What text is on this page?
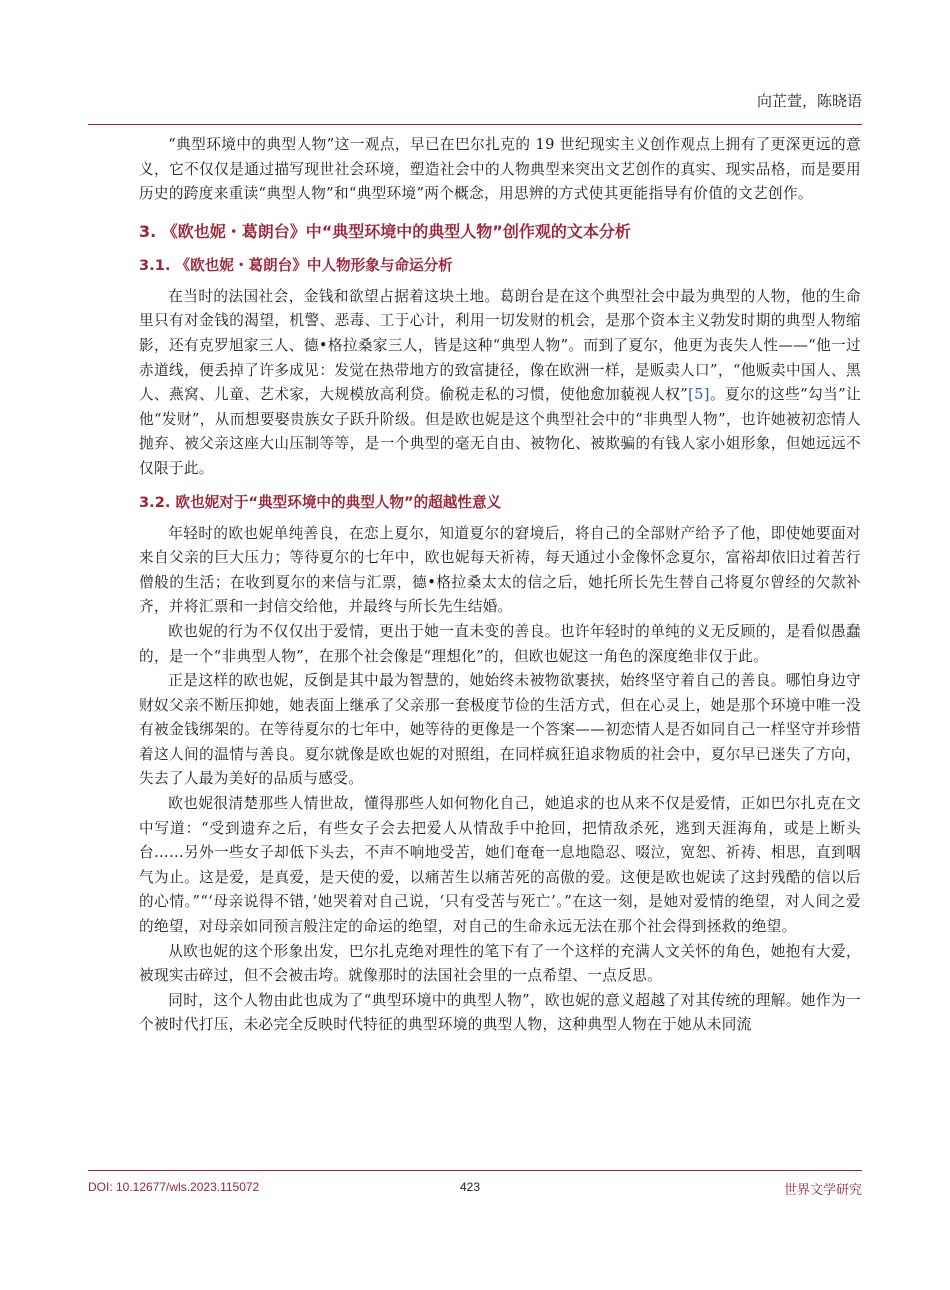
向芷萱，陈晓语

“典型环境中的典型人物”这一观点，早已在巴尔扎克的 19 世纪现实主义创作观点上拥有了更深更远的意义，它不仅仅是通过描写现世社会环境，塑造社会中的人物典型来突出文艺创作的真实、现实品格，而是要用历史的跨度来重读“典型人物”和“典型环境”两个概念，用思辨的方式使其更能指导有价值的文艺创作。

3. 《欧也妮・葛朗台》中“典型环境中的典型人物”创作观的文本分析
3.1. 《欧也妮・葛朗台》中人物形象与命运分析

在当时的法国社会，金钱和欲望占据着这块土地。葛朗台是在这个典型社会中最为典型的人物，他的生命里只有对金钱的渴望，机警、恶毒、工于心计，利用一切发财的机会，是那个资本主义勃发时期的典型人物缩影，还有克罗旭家三人、德•格拉桑家三人，皆是这种“典型人物”。而到了夏尔，他更为丧失人性——“他一过赤道线，便丢掉了许多成见：发觉在热带地方的致富捷径，像在欧洲一样，是贩卖人口”，“他贩卖中国人、黑人、燕窝、儿童、艺术家，大规模放高利贷。偷税走私的习惯，使他愈加藐视人权”[5]。夏尔的这些“勾当”让他“发财”，从而想要娶贵族女子跃升阶级。但是欧也妮是这个典型社会中的“非典型人物”，也许她被初恋情人抛弃、被父亲这座大山压制等等，是一个典型的毫无自由、被物化、被欺骗的有钱人家小姐形象，但她远远不仅限于此。

3.2. 欧也妮对于“典型环境中的典型人物”的超越性意义

年轻时的欧也妮单纯善良，在恋上夏尔，知道夏尔的窘境后，将自己的全部财产给予了他，即使她要面对来自父亲的巨大压力；等待夏尔的七年中，欧也妮每天祈祷，每天通过小金像怀念夏尔，富裕却依旧过着苦行僧般的生活；在收到夏尔的来信与汇票，德•格拉桑太太的信之后，她托所长先生替自己将夏尔曾经的欠款补齐，并将汇票和一封信交给他，并最终与所长先生结婚。

欧也妮的行为不仅仅出于爱情，更出于她一直未变的善良。也许年轻时的单纯的义无反顾的，是看似愚蠢的，是一个“非典型人物”，在那个社会像是“理想化”的，但欧也妮这一角色的深度绝非仅于此。

正是这样的欧也妮，反倒是其中最为智慧的，她始终未被物欲裹挟，始终坚守着自己的善良。哪怕身边守财奴父亲不断压抑她，她表面上继承了父亲那一套极度节俭的生活方式，但在心灵上，她是那个环境中唯一没有被金钱绑架的。在等待夏尔的七年中，她等待的更像是一个答案——初恋情人是否如同自己一样坚守并珍惜着这人间的温情与善良。夏尔就像是欧也妮的对照组，在同样疯狂追求物质的社会中，夏尔早已迷失了方向，失去了人最为美好的品质与感受。

欧也妮很清楚那些人情世故，懂得那些人如何物化自己，她追求的也从来不仅是爱情，正如巴尔扎克在文中写道：“受到遗弃之后，有些女子会去把爱人从情敌手中抢回，把情敌杀死，逃到天涯海角，或是上断头台……另外一些女子却低下头去，不声不响地受苦，她们奄奄一息地隐忍、啜泣，宽恕、祈祷、相思，直到咽气为止。这是爱，是真爱，是天使的爱，以痛苦生以痛苦死的高傲的爱。这便是欧也妮读了这封残酷的信以后的心情。”“‘母亲说得不错，’她哭着对自己说，‘只有受苦与死亡’。”在这一刻，是她对爱情的绝望，对人间之爱的绝望，对母亲如同预言般注定的命运的绝望，对自己的生命永远无法在那个社会得到拯救的绝望。

从欧也妮的这个形象出发，巴尔扎克绝对理性的笔下有了一个这样的充满人文关怀的角色，她抱有大爱，被现实击碎过，但不会被击垮。就像那时的法国社会里的一点希望、一点反思。

同时，这个人物由此也成为了“典型环境中的典型人物”，欧也妮的意义超越了对其传统的理解。她作为一个被时代打压，未必完全反映时代特征的典型环境的典型人物，这种典型人物在于她从未同流

DOI: 10.12677/wls.2023.115072	423	世界文学研究
